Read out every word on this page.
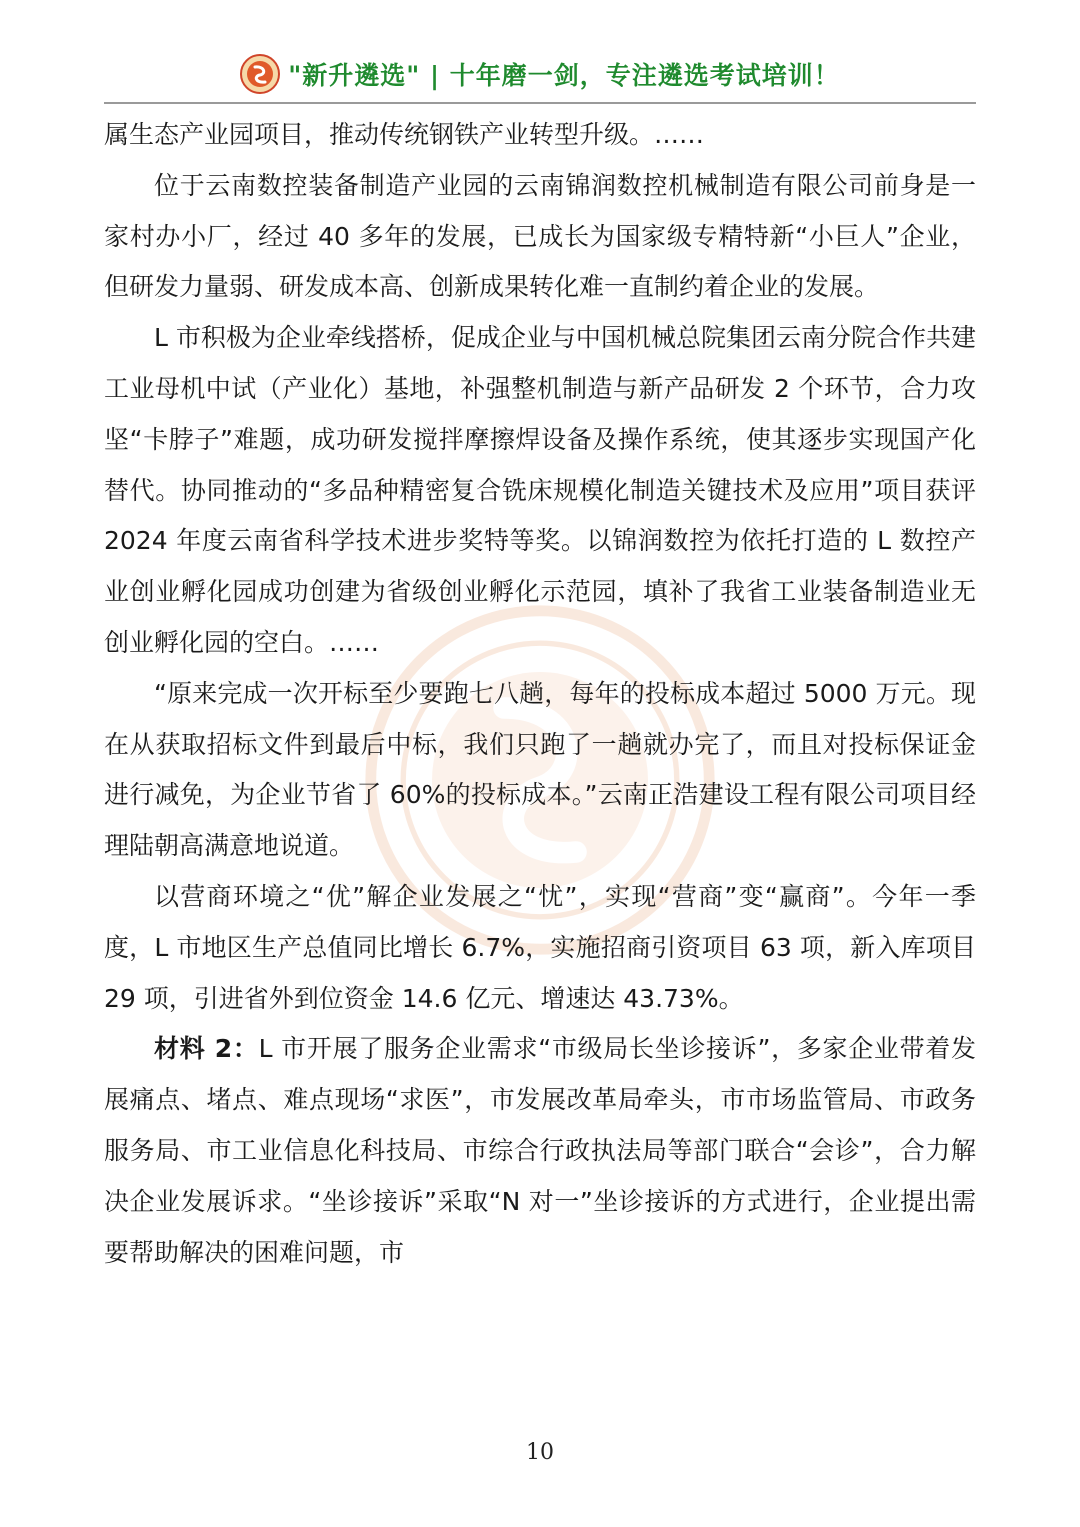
"新升遴选" | 十年磨一剑，专注遴选考试培训！

属生态产业园项目，推动传统钢铁产业转型升级。……

位于云南数控装备制造产业园的云南锦润数控机械制造有限公司前身是一家村办小厂，经过 40 多年的发展，已成长为国家级专精特新“小巨人”企业，但研发力量弱、研发成本高、创新成果转化难一直制约着企业的发展。

L 市积极为企业牵线搭桥，促成企业与中国机械总院集团云南分院合作共建工业母机中试（产业化）基地，补强整机制造与新产品研发 2 个环节，合力攻坚“卡脖子”难题，成功研发搅拌摩擦焊设备及操作系统，使其逐步实现国产化替代。协同推动的“多品种精密复合铣床规模化制造关键技术及应用”项目获评 2024 年度云南省科学技术进步奖特等奖。以锦润数控为依托打造的 L 数控产业创业孵化园成功创建为省级创业孵化示范园，填补了我省工业装备制造业无创业孵化园的空白。……

“原来完成一次开标至少要跑七八趟，每年的投标成本超过 5000 万元。现在从获取招标文件到最后中标，我们只跑了一趟就办完了，而且对投标保证金进行减免，为企业节省了 60%的投标成本。”云南正浩建设工程有限公司项目经理陆朝高满意地说道。

以营商环境之“优”解企业发展之“忧”，实现“营商”变“赢商”。今年一季度，L 市地区生产总值同比增长 6.7%，实施招商引资项目 63 项，新入库项目 29 项，引进省外到位资金 14.6 亿元、增速达 43.73%。

材料 2：L 市开展了服务企业需求“市级局长坐诊接诉”，多家企业带着发展痛点、堵点、难点现场“求医”，市发展改革局牵头，市市场监管局、市政务服务局、市工业信息化科技局、市综合行政执法局等部门联合“会诊”，合力解决企业发展诉求。“坐诊接诉”采取“N 对一”坐诊接诉的方式进行，企业提出需要帮助解决的困难问题，市

10
